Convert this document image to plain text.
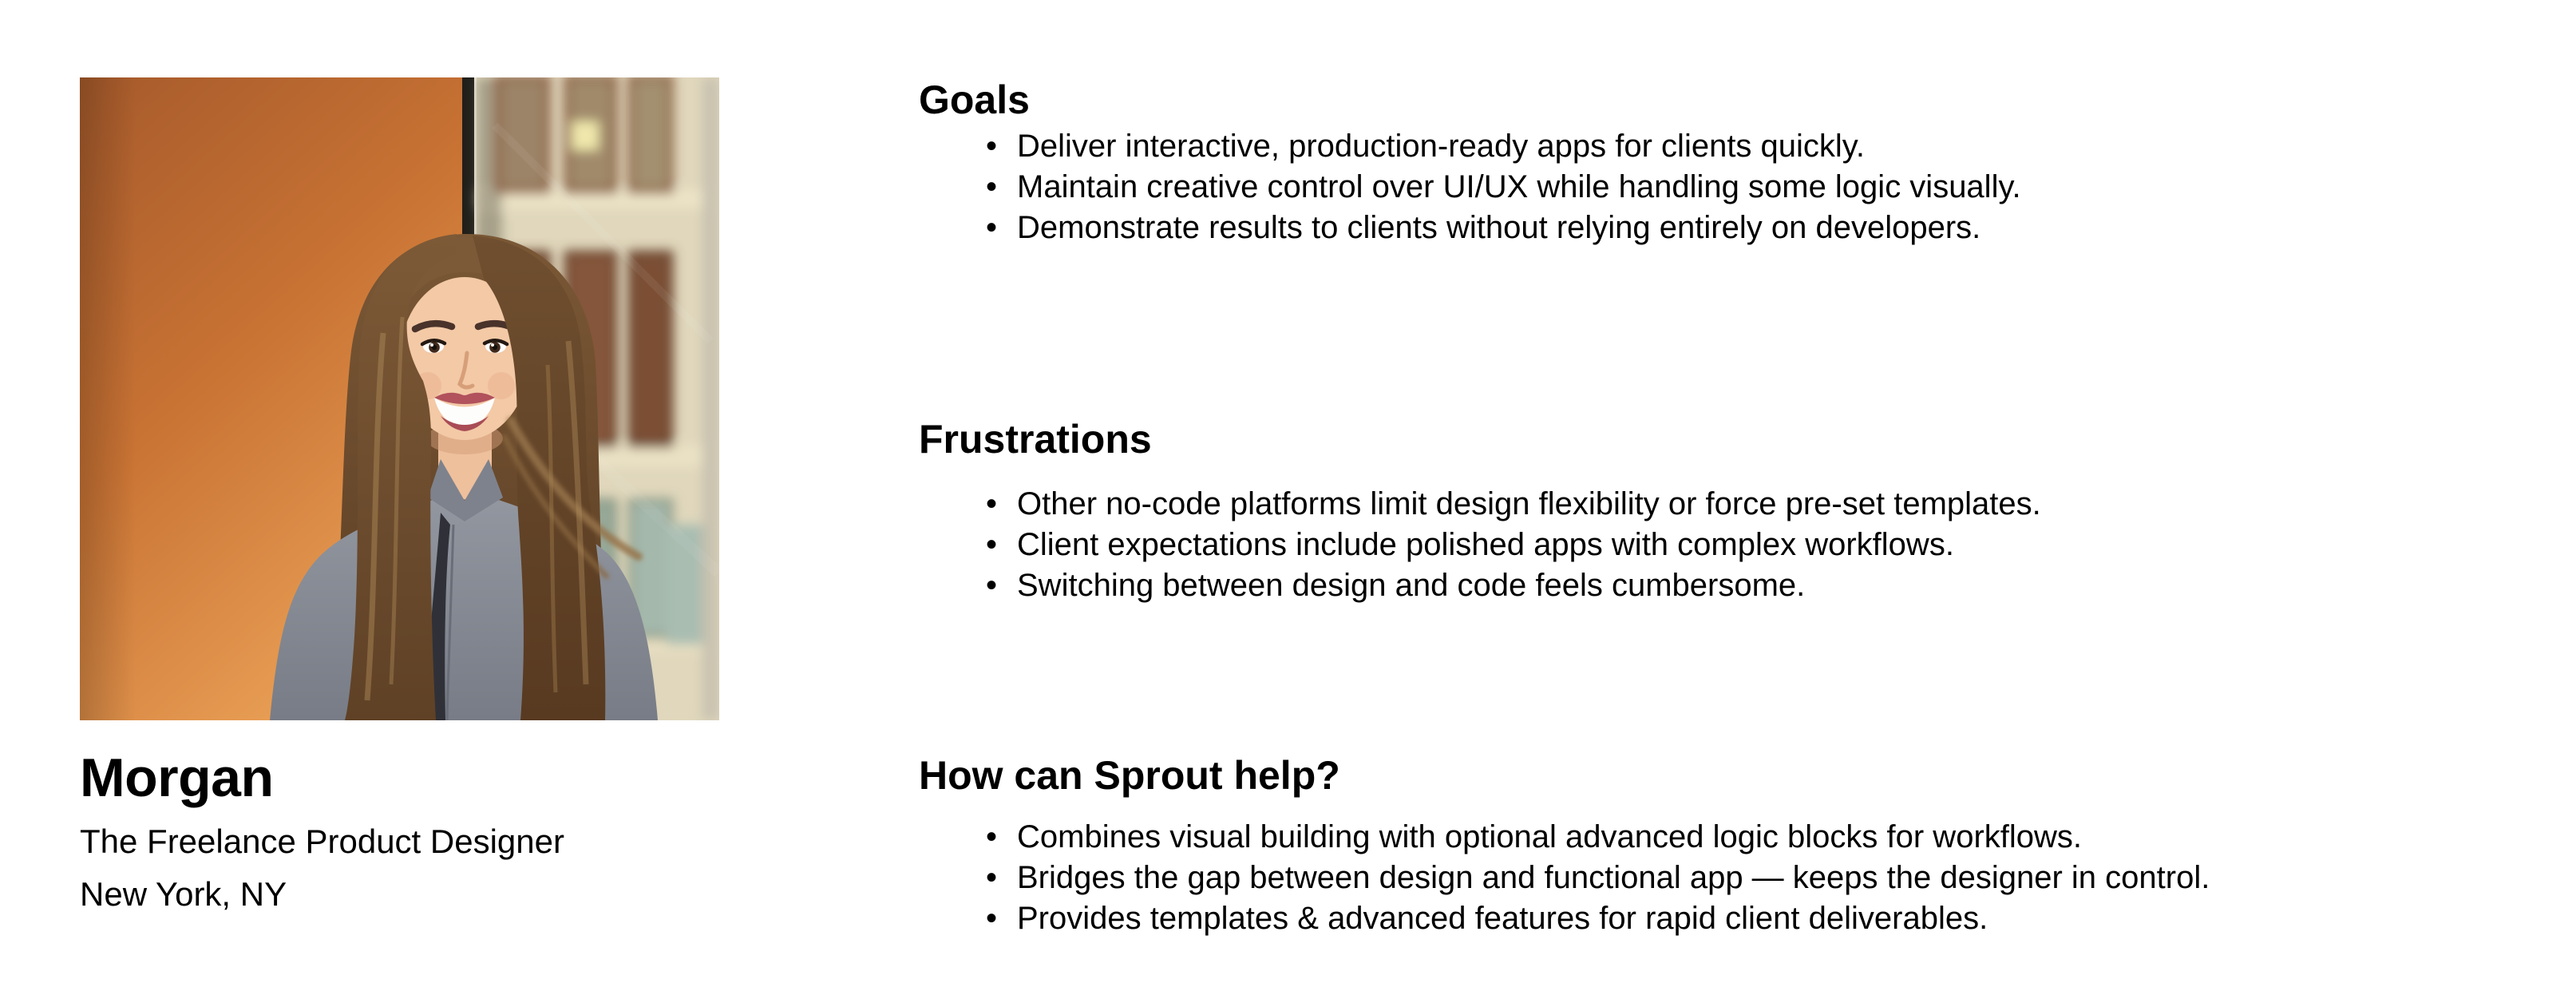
Morgan
The Freelance Product Designer
New York, NY
Goals
• Deliver interactive, production-ready apps for clients quickly.
• Maintain creative control over UI/UX while handling some logic visually.
• Demonstrate results to clients without relying entirely on developers.
Frustrations
• Other no-code platforms limit design flexibility or force pre-set templates.
• Client expectations include polished apps with complex workflows.
• Switching between design and code feels cumbersome.
How can Sprout help?
• Combines visual building with optional advanced logic blocks for workflows.
• Bridges the gap between design and functional app — keeps the designer in control.
• Provides templates & advanced features for rapid client deliverables.
